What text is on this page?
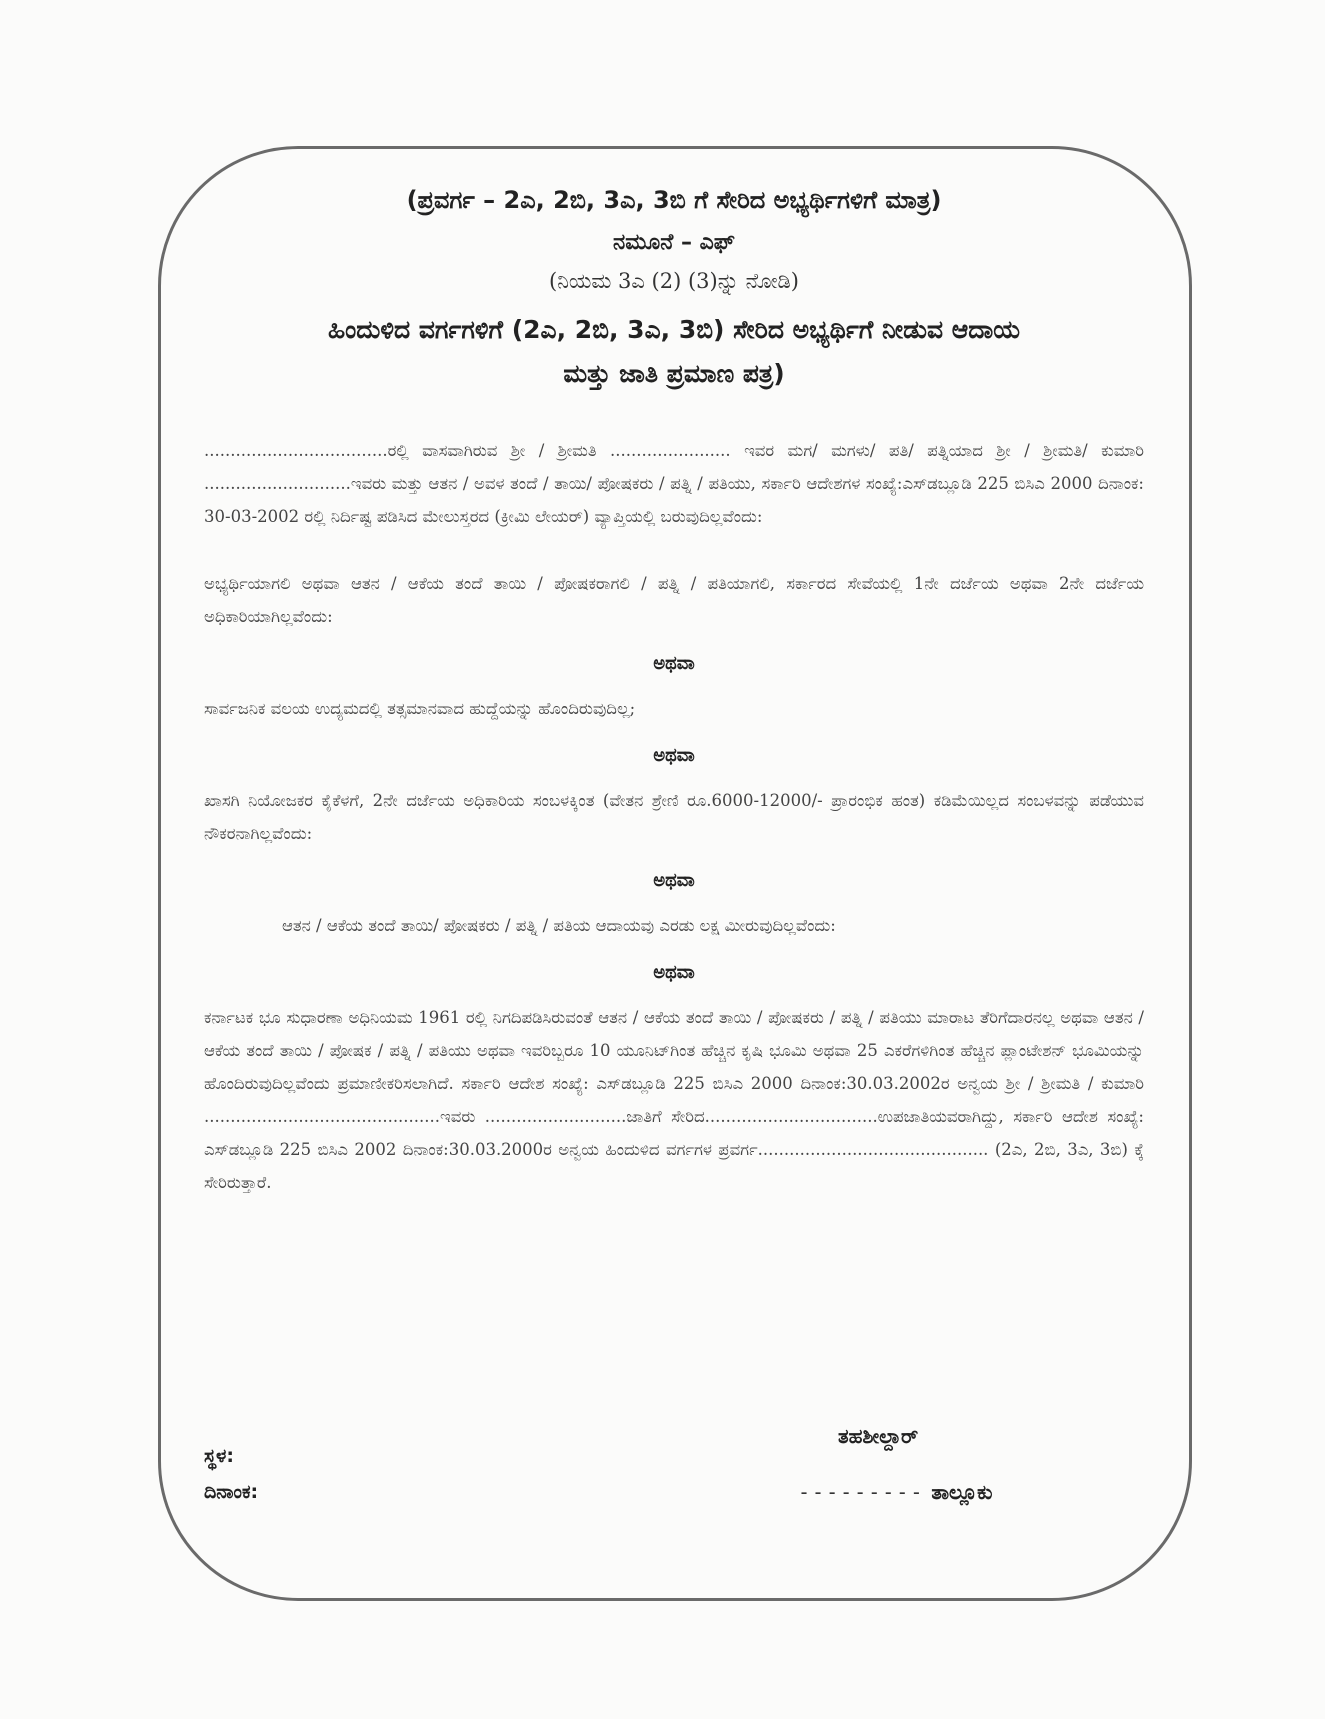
(ಪ್ರವರ್ಗ – 2ಎ, 2ಬಿ, 3ಎ, 3ಬಿ ಗೆ ಸೇರಿದ ಅಭ್ಯರ್ಥಿಗಳಿಗೆ ಮಾತ್ರ)
ನಮೂನೆ – ಎಫ್
(ನಿಯಮ 3ಎ (2) (3)ನ್ನು ನೋಡಿ)
ಹಿಂದುಳಿದ ವರ್ಗಗಳಿಗೆ (2ಎ, 2ಬಿ, 3ಎ, 3ಬಿ) ಸೇರಿದ ಅಭ್ಯರ್ಥಿಗೆ ನೀಡುವ ಆದಾಯ
ಮತ್ತು ಜಾತಿ ಪ್ರಮಾಣ ಪತ್ರ)

...................................ರಲ್ಲಿ ವಾಸವಾಗಿರುವ ಶ್ರೀ / ಶ್ರೀಮತಿ ....................... ಇವರ ಮಗ/ ಮಗಳು/ ಪತಿ/ ಪತ್ನಿಯಾದ ಶ್ರೀ / ಶ್ರೀಮತಿ/ ಕುಮಾರಿ ............................ಇವರು ಮತ್ತು ಆತನ / ಅವಳ ತಂದೆ / ತಾಯಿ/ ಪೋಷಕರು / ಪತ್ನಿ / ಪತಿಯು, ಸರ್ಕಾರಿ ಆದೇಶಗಳ ಸಂಖ್ಯೆ:ಎಸ್‌ಡಬ್ಲೂಡಿ 225 ಬಿಸಿಎ 2000 ದಿನಾಂಕ: 30-03-2002 ರಲ್ಲಿ ನಿರ್ದಿಷ್ಟ ಪಡಿಸಿದ ಮೇಲುಸ್ತರದ (ಕ್ರೀಮಿ ಲೇಯರ್) ವ್ಯಾಪ್ತಿಯಲ್ಲಿ ಬರುವುದಿಲ್ಲವೆಂದು:

ಅಭ್ಯರ್ಥಿಯಾಗಲಿ ಅಥವಾ ಆತನ / ಆಕೆಯ ತಂದೆ ತಾಯಿ / ಪೋಷಕರಾಗಲಿ / ಪತ್ನಿ / ಪತಿಯಾಗಲಿ, ಸರ್ಕಾರದ ಸೇವೆಯಲ್ಲಿ 1ನೇ ದರ್ಜೆಯ ಅಥವಾ 2ನೇ ದರ್ಜೆಯ ಅಧಿಕಾರಿಯಾಗಿಲ್ಲವೆಂದು:

ಅಥವಾ

ಸಾರ್ವಜನಿಕ ವಲಯ ಉದ್ಯಮದಲ್ಲಿ ತತ್ಸಮಾನವಾದ ಹುದ್ದೆಯನ್ನು ಹೊಂದಿರುವುದಿಲ್ಲ;

ಅಥವಾ

ಖಾಸಗಿ ನಿಯೋಜಕರ ಕೈಕೆಳಗೆ, 2ನೇ ದರ್ಜೆಯ ಅಧಿಕಾರಿಯ ಸಂಬಳಕ್ಕಿಂತ (ವೇತನ ಶ್ರೇಣಿ ರೂ.6000-12000/- ಪ್ರಾರಂಭಿಕ ಹಂತ) ಕಡಿಮೆಯಿಲ್ಲದ ಸಂಬಳವನ್ನು ಪಡೆಯುವ ನೌಕರನಾಗಿಲ್ಲವೆಂದು:

ಅಥವಾ

ಆತನ / ಆಕೆಯ ತಂದೆ ತಾಯಿ/ ಪೋಷಕರು / ಪತ್ನಿ / ಪತಿಯ ಆದಾಯವು ಎರಡು ಲಕ್ಷ ಮೀರುವುದಿಲ್ಲವೆಂದು:

ಅಥವಾ

ಕರ್ನಾಟಕ ಭೂ ಸುಧಾರಣಾ ಅಧಿನಿಯಮ 1961 ರಲ್ಲಿ ನಿಗದಿಪಡಿಸಿರುವಂತೆ ಆತನ / ಆಕೆಯ ತಂದೆ ತಾಯಿ / ಪೋಷಕರು / ಪತ್ನಿ / ಪತಿಯು ಮಾರಾಟ ತೆರಿಗೆದಾರನಲ್ಲ ಅಥವಾ ಆತನ / ಆಕೆಯ ತಂದೆ ತಾಯಿ / ಪೋಷಕ / ಪತ್ನಿ / ಪತಿಯು ಅಥವಾ ಇವರಿಬ್ಬರೂ 10 ಯೂನಿಟ್‌ಗಿಂತ ಹೆಚ್ಚಿನ ಕೃಷಿ ಭೂಮಿ ಅಥವಾ 25 ಎಕರೆಗಳಿಗಿಂತ ಹೆಚ್ಚಿನ ಪ್ಲಾಂಟೇಶನ್ ಭೂಮಿಯನ್ನು ಹೊಂದಿರುವುದಿಲ್ಲವೆಂದು ಪ್ರಮಾಣೀಕರಿಸಲಾಗಿದೆ. ಸರ್ಕಾರಿ ಆದೇಶ ಸಂಖ್ಯೆ: ಎಸ್‌ಡಬ್ಲೂಡಿ 225 ಬಿಸಿಎ 2000 ದಿನಾಂಕ:30.03.2002ರ ಅನ್ವಯ ಶ್ರೀ / ಶ್ರೀಮತಿ / ಕುಮಾರಿ .............................................ಇವರು ...........................ಜಾತಿಗೆ ಸೇರಿದ.................................ಉಪಜಾತಿಯವರಾಗಿದ್ದು, ಸರ್ಕಾರಿ ಆದೇಶ ಸಂಖ್ಯೆ: ಎಸ್‌ಡಬ್ಲೂಡಿ 225 ಬಿಸಿಎ 2002 ದಿನಾಂಕ:30.03.2000ರ ಅನ್ವಯ ಹಿಂದುಳಿದ ವರ್ಗಗಳ ಪ್ರವರ್ಗ............................................ (2ಎ, 2ಬಿ, 3ಎ, 3ಬಿ) ಕ್ಕೆ ಸೇರಿರುತ್ತಾರೆ.

ಸ್ಥಳ:
ದಿನಾಂಕ:
ತಹಶೀಲ್ದಾರ್
--------- ತಾಲ್ಲೂಕು
